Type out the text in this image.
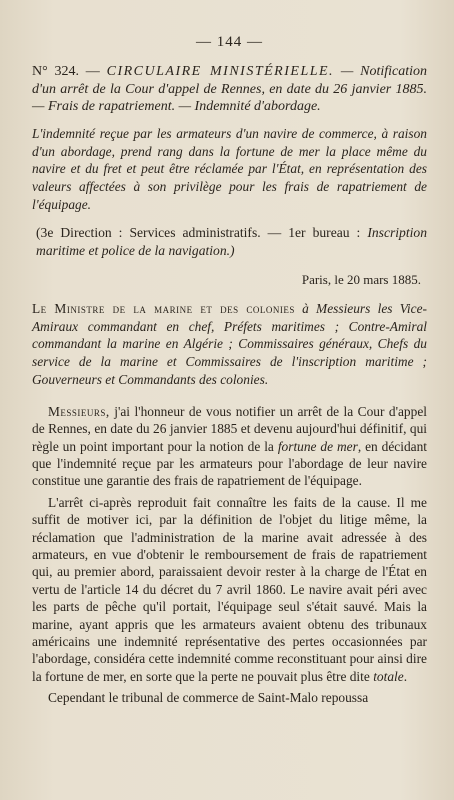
— 144 —

N° 324. — CIRCULAIRE MINISTÉRIELLE. — Notification d'un arrêt de la Cour d'appel de Rennes, en date du 26 janvier 1885. — Frais de rapatriement. — Indemnité d'abordage.

L'indemnité reçue par les armateurs d'un navire de commerce, à raison d'un abordage, prend rang dans la fortune de mer la place même du navire et du fret et peut être réclamée par l'État, en représentation des valeurs affectées à son privilège pour les frais de rapatriement de l'équipage.

(3e Direction : Services administratifs. — 1er bureau : Inscription maritime et police de la navigation.)

Paris, le 20 mars 1885.

Le Ministre de la marine et des colonies à Messieurs les Vice-Amiraux commandant en chef, Préfets maritimes ; Contre-Amiral commandant la marine en Algérie ; Commissaires généraux, Chefs du service de la marine et Commissaires de l'inscription maritime ; Gouverneurs et Commandants des colonies.

Messieurs, j'ai l'honneur de vous notifier un arrêt de la Cour d'appel de Rennes, en date du 26 janvier 1885 et devenu aujourd'hui définitif, qui règle un point important pour la notion de la fortune de mer, en décidant que l'indemnité reçue par les armateurs pour l'abordage de leur navire constitue une garantie des frais de rapatriement de l'équipage.

L'arrêt ci-après reproduit fait connaître les faits de la cause. Il me suffit de motiver ici, par la définition de l'objet du litige même, la réclamation que l'administration de la marine avait adressée à des armateurs, en vue d'obtenir le remboursement de frais de rapatriement qui, au premier abord, paraissaient devoir rester à la charge de l'État en vertu de l'article 14 du décret du 7 avril 1860. Le navire avait péri avec les parts de pêche qu'il portait, l'équipage seul s'était sauvé. Mais la marine, ayant appris que les armateurs avaient obtenu des tribunaux américains une indemnité représentative des pertes occasionnées par l'abordage, considéra cette indemnité comme reconstituant pour ainsi dire la fortune de mer, en sorte que la perte ne pouvait plus être dite totale.

Cependant le tribunal de commerce de Saint-Malo repoussa
